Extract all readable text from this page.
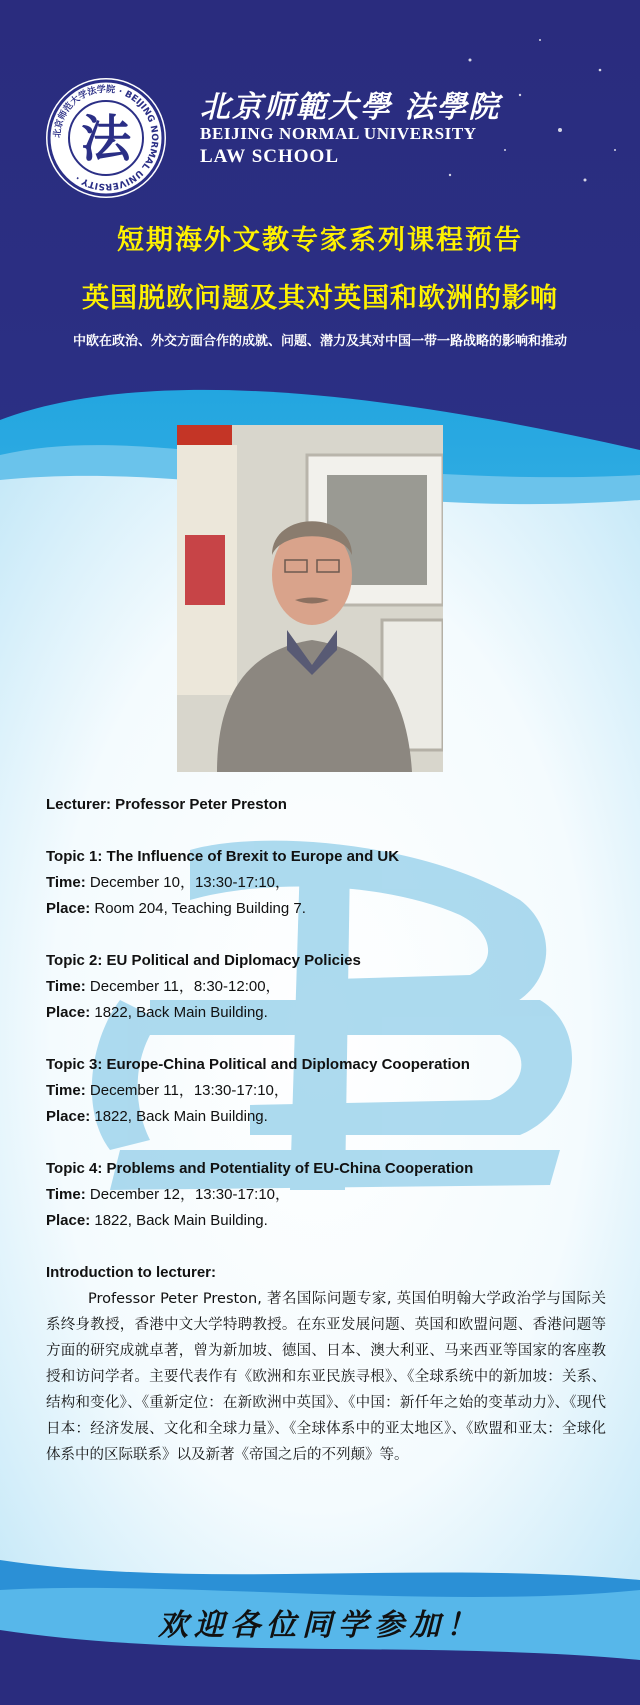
北京师范大学法学院 · BEIJING NORMAL UNIVERSITY ·
法
北京师範大學 法學院
BEIJING NORMAL UNIVERSITY
LAW SCHOOL
短期海外文教专家系列课程预告
英国脱欧问题及其对英国和欧洲的影响
中欧在政治、外交方面合作的成就、问题、潜力及其对中国一带一路战略的影响和推动

Lecturer: Professor Peter Preston

Topic 1: The Influence of Brexit to Europe and UK

Time: December 10，13:30-17:10，

Place: Room 204, Teaching Building 7.

Topic 2: EU Political and Diplomacy Policies

Time: December 11，8:30-12:00，

Place: 1822, Back Main Building.

Topic 3: Europe-China Political and Diplomacy Cooperation

Time: December 11，13:30-17:10，

Place: 1822, Back Main Building.

Topic 4: Problems and Potentiality of EU-China Cooperation

Time: December 12，13:30-17:10，

Place: 1822, Back Main Building.

Introduction to lecturer:

Professor Peter Preston, 著名国际问题专家, 英国伯明翰大学政治学与国际关系终身教授，香港中文大学特聘教授。在东亚发展问题、英国和欧盟问题、香港问题等方面的研究成就卓著，曾为新加坡、德国、日本、澳大利亚、马来西亚等国家的客座教授和访问学者。主要代表作有《欧洲和东亚民族寻根》、《全球系统中的新加坡：关系、结构和变化》、《重新定位：在新欧洲中英国》、《中国：新仟年之始的变革动力》、《现代日本：经济发展、文化和全球力量》、《全球体系中的亚太地区》、《欧盟和亚太：全球化体系中的区际联系》以及新著《帝国之后的不列颠》等。

欢迎各位同学参加！
